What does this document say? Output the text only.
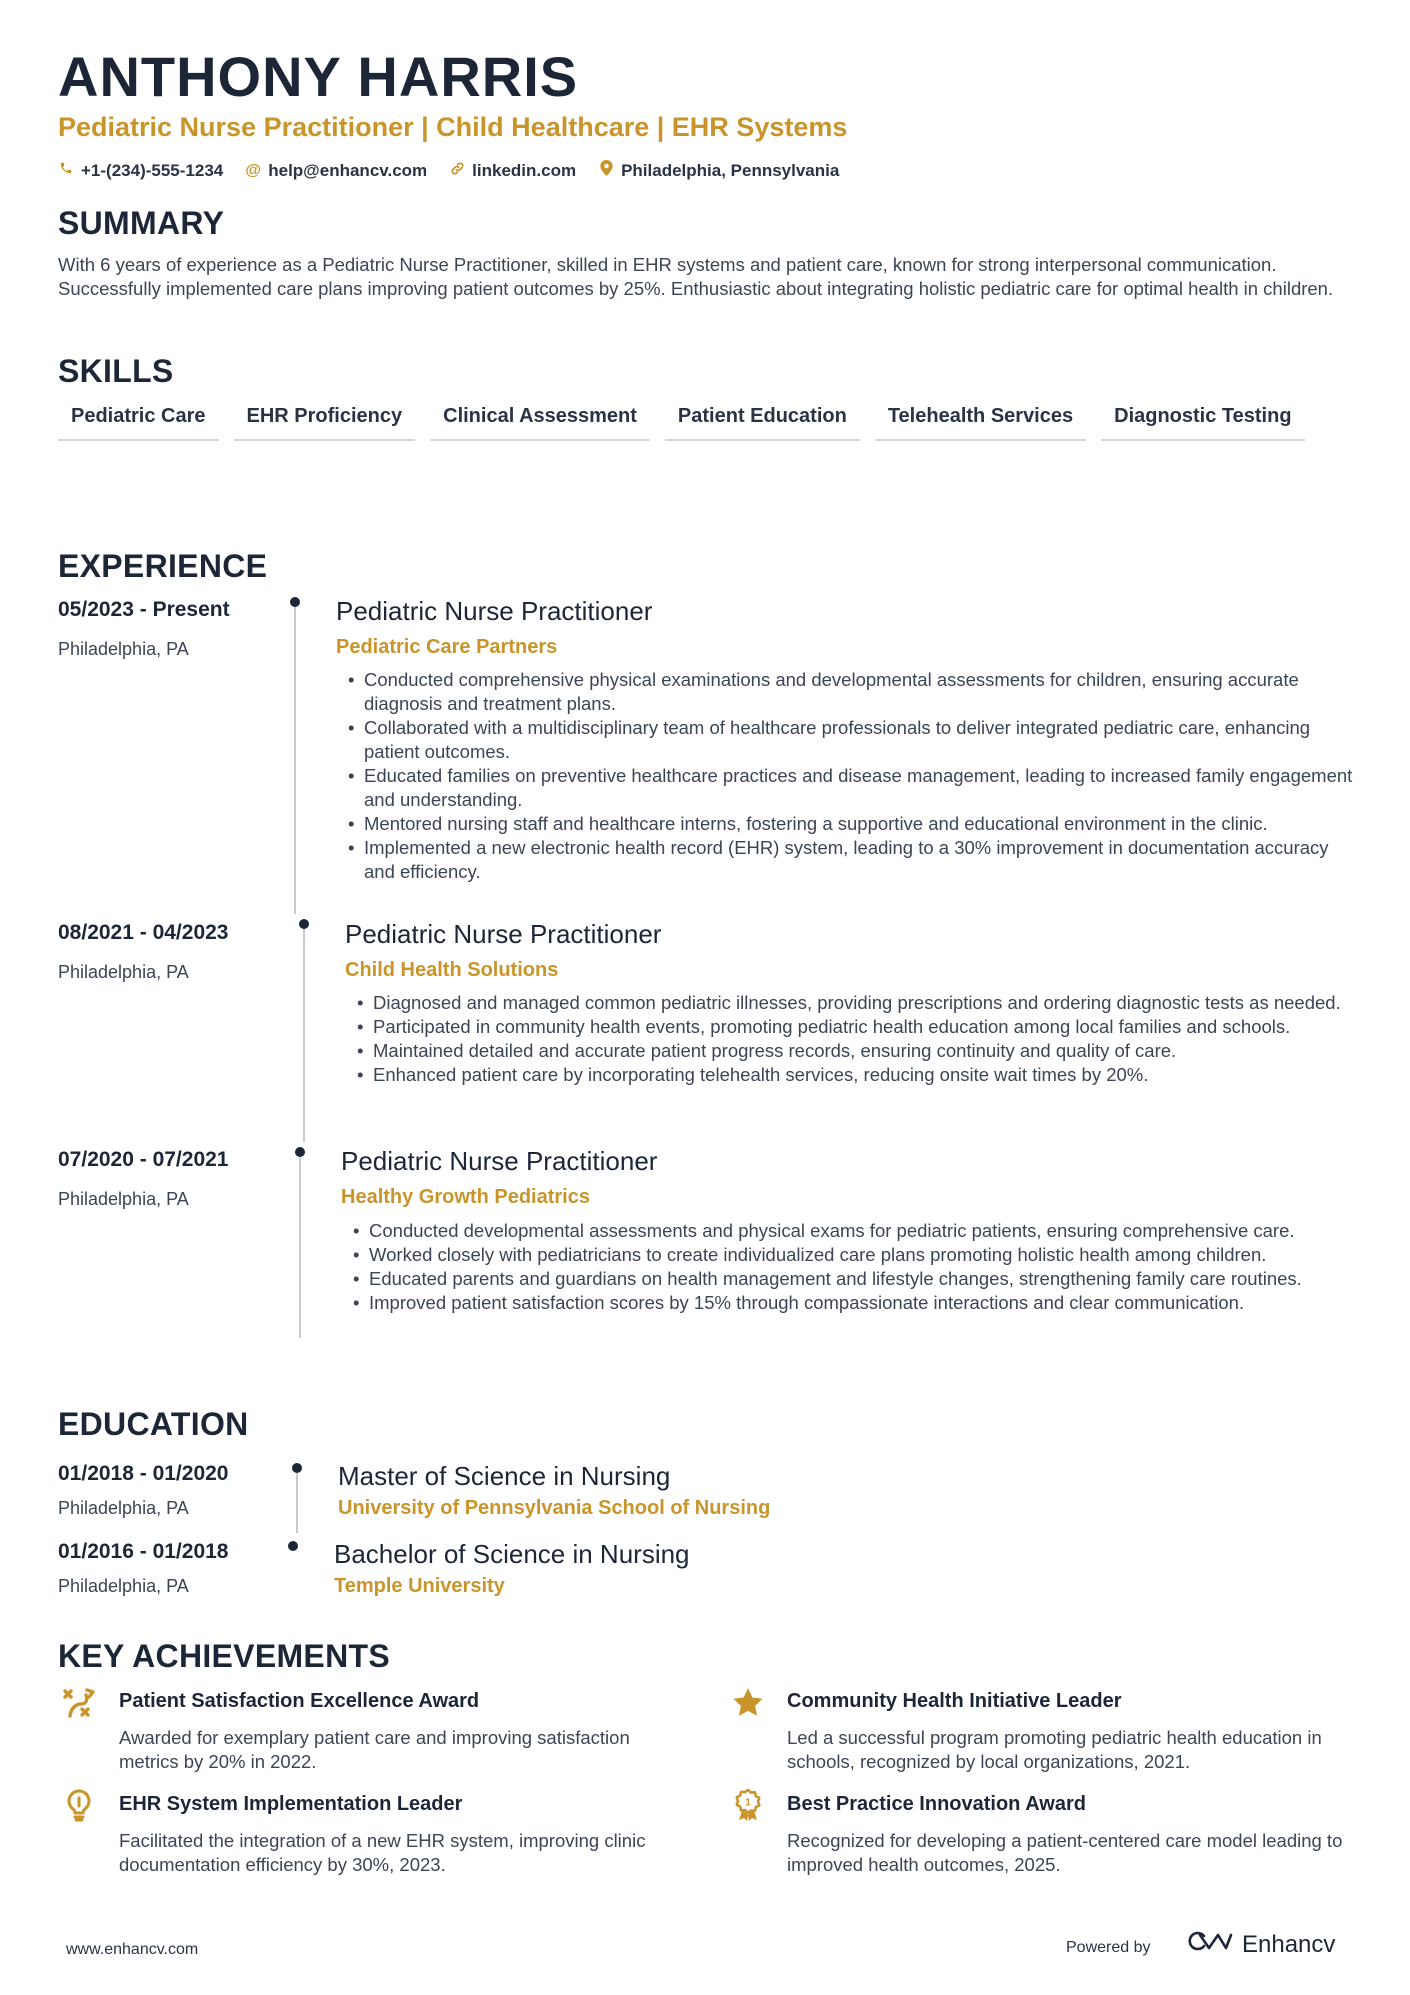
ANTHONY HARRIS
Pediatric Nurse Practitioner | Child Healthcare | EHR Systems
+1-(234)-555-1234 @ help@enhancv.com	linkedin.com	Philadelphia, Pennsylvania
SUMMARY
With 6 years of experience as a Pediatric Nurse Practitioner, skilled in EHR systems and patient care, known for strong interpersonal communication. Successfully implemented care plans improving patient outcomes by 25%. Enthusiastic about integrating holistic pediatric care for optimal health in children.
SKILLS
Pediatric Care	EHR Proficiency	Clinical Assessment	Patient Education	Telehealth Services	Diagnostic Testing
EXPERIENCE
05/2023 - Present
Philadelphia, PA
Pediatric Nurse Practitioner
Pediatric Care Partners
• Conducted comprehensive physical examinations and developmental assessments for children, ensuring accurate diagnosis and treatment plans.
• Collaborated with a multidisciplinary team of healthcare professionals to deliver integrated pediatric care, enhancing patient outcomes.
• Educated families on preventive healthcare practices and disease management, leading to increased family engagement and understanding.
• Mentored nursing staff and healthcare interns, fostering a supportive and educational environment in the clinic.
• Implemented a new electronic health record (EHR) system, leading to a 30% improvement in documentation accuracy and efficiency.
08/2021 - 04/2023
Philadelphia, PA
Pediatric Nurse Practitioner
Child Health Solutions
• Diagnosed and managed common pediatric illnesses, providing prescriptions and ordering diagnostic tests as needed.
• Participated in community health events, promoting pediatric health education among local families and schools.
• Maintained detailed and accurate patient progress records, ensuring continuity and quality of care.
• Enhanced patient care by incorporating telehealth services, reducing onsite wait times by 20%.
07/2020 - 07/2021
Philadelphia, PA
Pediatric Nurse Practitioner
Healthy Growth Pediatrics
• Conducted developmental assessments and physical exams for pediatric patients, ensuring comprehensive care.
• Worked closely with pediatricians to create individualized care plans promoting holistic health among children.
• Educated parents and guardians on health management and lifestyle changes, strengthening family care routines.
• Improved patient satisfaction scores by 15% through compassionate interactions and clear communication.
EDUCATION
01/2018 - 01/2020
Philadelphia, PA
Master of Science in Nursing
University of Pennsylvania School of Nursing
01/2016 - 01/2018
Philadelphia, PA
Bachelor of Science in Nursing
Temple University
KEY ACHIEVEMENTS
Patient Satisfaction Excellence Award
Awarded for exemplary patient care and improving satisfaction metrics by 20% in 2022.
Community Health Initiative Leader
Led a successful program promoting pediatric health education in schools, recognized by local organizations, 2021.
EHR System Implementation Leader
Facilitated the integration of a new EHR system, improving clinic documentation efficiency by 30%, 2023.
1 Best Practice Innovation Award
Recognized for developing a patient-centered care model leading to improved health outcomes, 2025.
www.enhancv.com	Powered by	Enhancv
